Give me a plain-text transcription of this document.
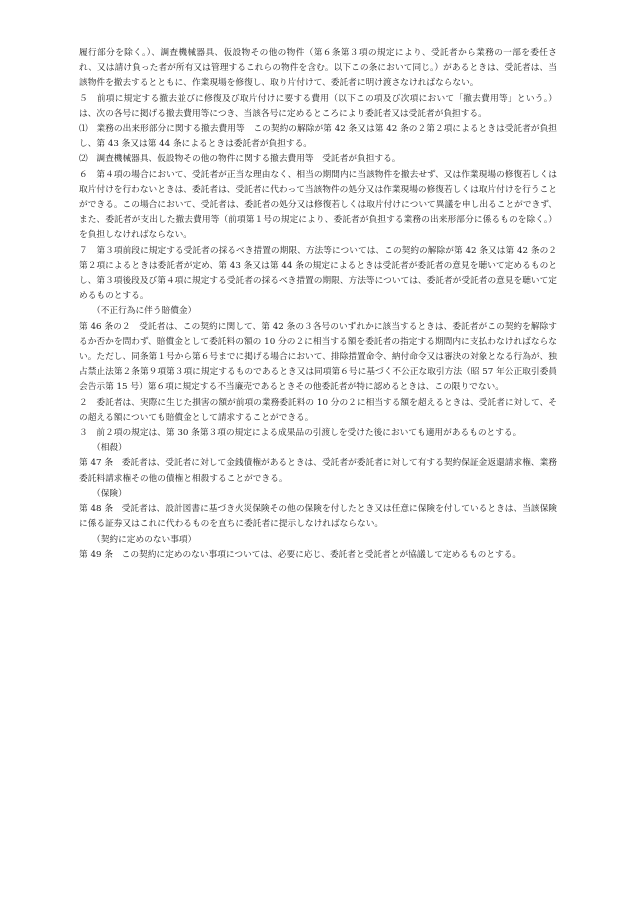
履行部分を除く。）、調査機械器具、仮設物その他の物件（第６条第３項の規定により、受託者から業務の一部を委任され、又は請け負った者が所有又は管理するこれらの物件を含む。以下この条において同じ。）があるときは、受託者は、当該物件を撤去するとともに、作業現場を修復し、取り片付けて、委託者に明け渡さなければならない。

５　前項に規定する撤去並びに修復及び取片付けに要する費用（以下この項及び次項において「撤去費用等」という。）は、次の各号に掲げる撤去費用等につき、当該各号に定めるところにより委託者又は受託者が負担する。

⑴　業務の出来形部分に関する撤去費用等　この契約の解除が第 42 条又は第 42 条の２第２項によるときは受託者が負担し、第 43 条又は第 44 条によるときは委託者が負担する。

⑵　調査機械器具、仮設物その他の物件に関する撤去費用等　受託者が負担する。

６　第４項の場合において、受託者が正当な理由なく、相当の期間内に当該物件を撤去せず、又は作業現場の修復若しくは取片付けを行わないときは、委託者は、受託者に代わって当該物件の処分又は作業現場の修復若しくは取片付けを行うことができる。この場合において、受託者は、委託者の処分又は修復若しくは取片付けについて異議を申し出ることができず、また、委託者が支出した撤去費用等（前項第１号の規定により、委託者が負担する業務の出来形部分に係るものを除く。）を負担しなければならない。

７　第３項前段に規定する受託者の採るべき措置の期限、方法等については、この契約の解除が第 42 条又は第 42 条の２第２項によるときは委託者が定め、第 43 条又は第 44 条の規定によるときは受託者が委託者の意見を聴いて定めるものとし、第３項後段及び第４項に規定する受託者の採るべき措置の期限、方法等については、委託者が受託者の意見を聴いて定めるものとする。

（不正行為に伴う賠償金）

第 46 条の２　受託者は、この契約に関して、第 42 条の３各号のいずれかに該当するときは、委託者がこの契約を解除するか否かを問わず、賠償金として委託料の額の 10 分の２に相当する額を委託者の指定する期間内に支払わなければならない。ただし、同条第１号から第６号までに掲げる場合において、排除措置命令、納付命令又は審決の対象となる行為が、独占禁止法第２条第９項第３項に規定するものであるとき又は同項第６号に基づく不公正な取引方法（昭 57 年公正取引委員会告示第 15 号）第６項に規定する不当廉売であるときその他委託者が特に認めるときは、この限りでない。

２　委託者は、実際に生じた損害の額が前項の業務委託料の 10 分の２に相当する額を超えるときは、受託者に対して、その超える額についても賠償金として請求することができる。

３　前２項の規定は、第 30 条第３項の規定による成果品の引渡しを受けた後においても適用があるものとする。

（相殺）

第 47 条　委託者は、受託者に対して金銭債権があるときは、受託者が委託者に対して有する契約保証金返還請求権、業務委託料請求権その他の債権と相殺することができる。

（保険）

第 48 条　受託者は、設計図書に基づき火災保険その他の保険を付したとき又は任意に保険を付しているときは、当該保険に係る証券又はこれに代わるものを直ちに委託者に提示しなければならない。

（契約に定めのない事項）

第 49 条　この契約に定めのない事項については、必要に応じ、委託者と受託者とが協議して定めるものとする。
